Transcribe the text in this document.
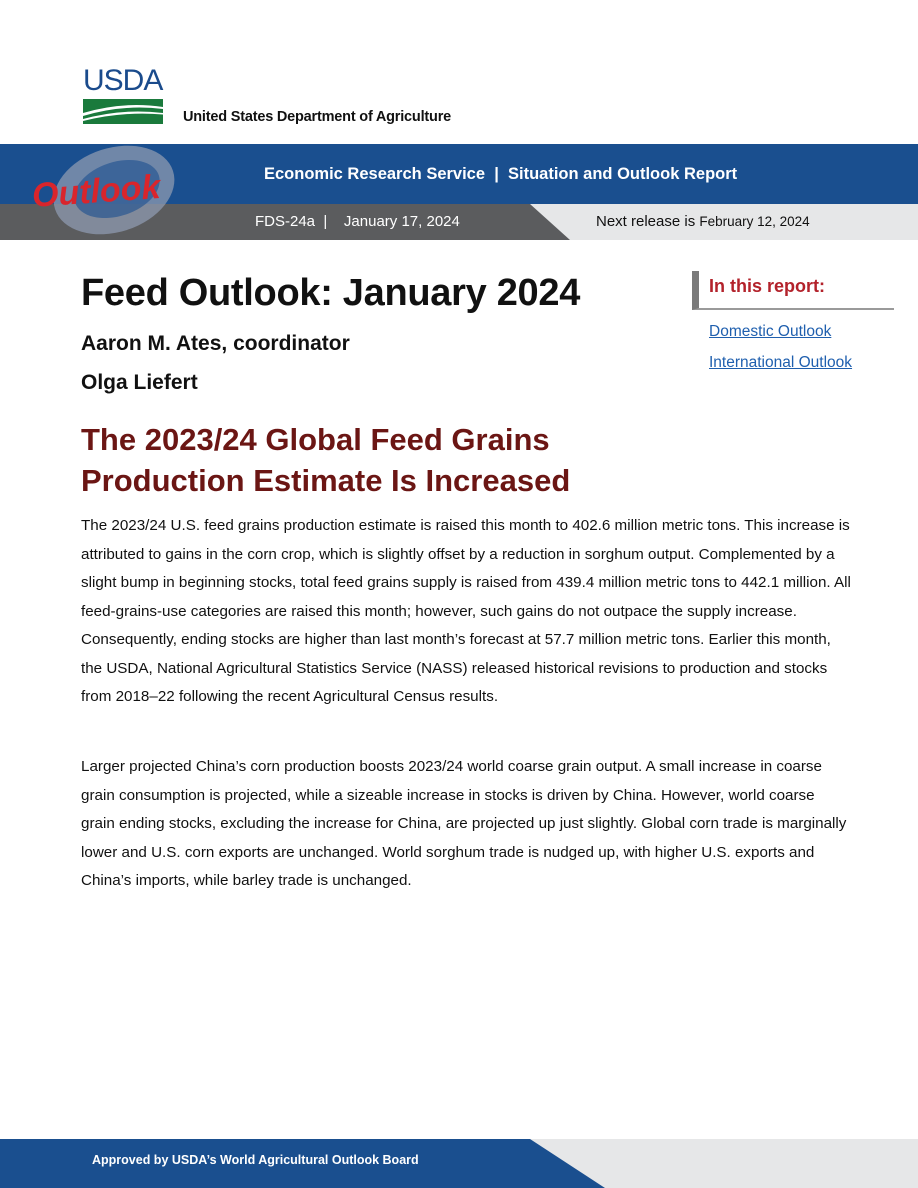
USDA
United States Department of Agriculture
Outlook	Economic Research Service  |  Situation and Outlook Report
FDS-24a  |    January 17, 2024	Next release is February 12, 2024
Feed Outlook: January 2024
Aaron M. Ates, coordinator
Olga Liefert
The 2023/24 Global Feed Grains Production Estimate Is Increased
In this report:
Domestic Outlook
International Outlook

The 2023/24 U.S. feed grains production estimate is raised this month to 402.6 million metric tons. This increase is attributed to gains in the corn crop, which is slightly offset by a reduction in sorghum output. Complemented by a slight bump in beginning stocks, total feed grains supply is raised from 439.4 million metric tons to 442.1 million. All feed-grains-use categories are raised this month; however, such gains do not outpace the supply increase. Consequently, ending stocks are higher than last month’s forecast at 57.7 million metric tons. Earlier this month, the USDA, National Agricultural Statistics Service (NASS) released historical revisions to production and stocks from 2018–22 following the recent Agricultural Census results.

Larger projected China’s corn production boosts 2023/24 world coarse grain output. A small increase in coarse grain consumption is projected, while a sizeable increase in stocks is driven by China. However, world coarse grain ending stocks, excluding the increase for China, are projected up just slightly. Global corn trade is marginally lower and U.S. corn exports are unchanged. World sorghum trade is nudged up, with higher U.S. exports and China’s imports, while barley trade is unchanged.

Approved by USDA’s World Agricultural Outlook Board
